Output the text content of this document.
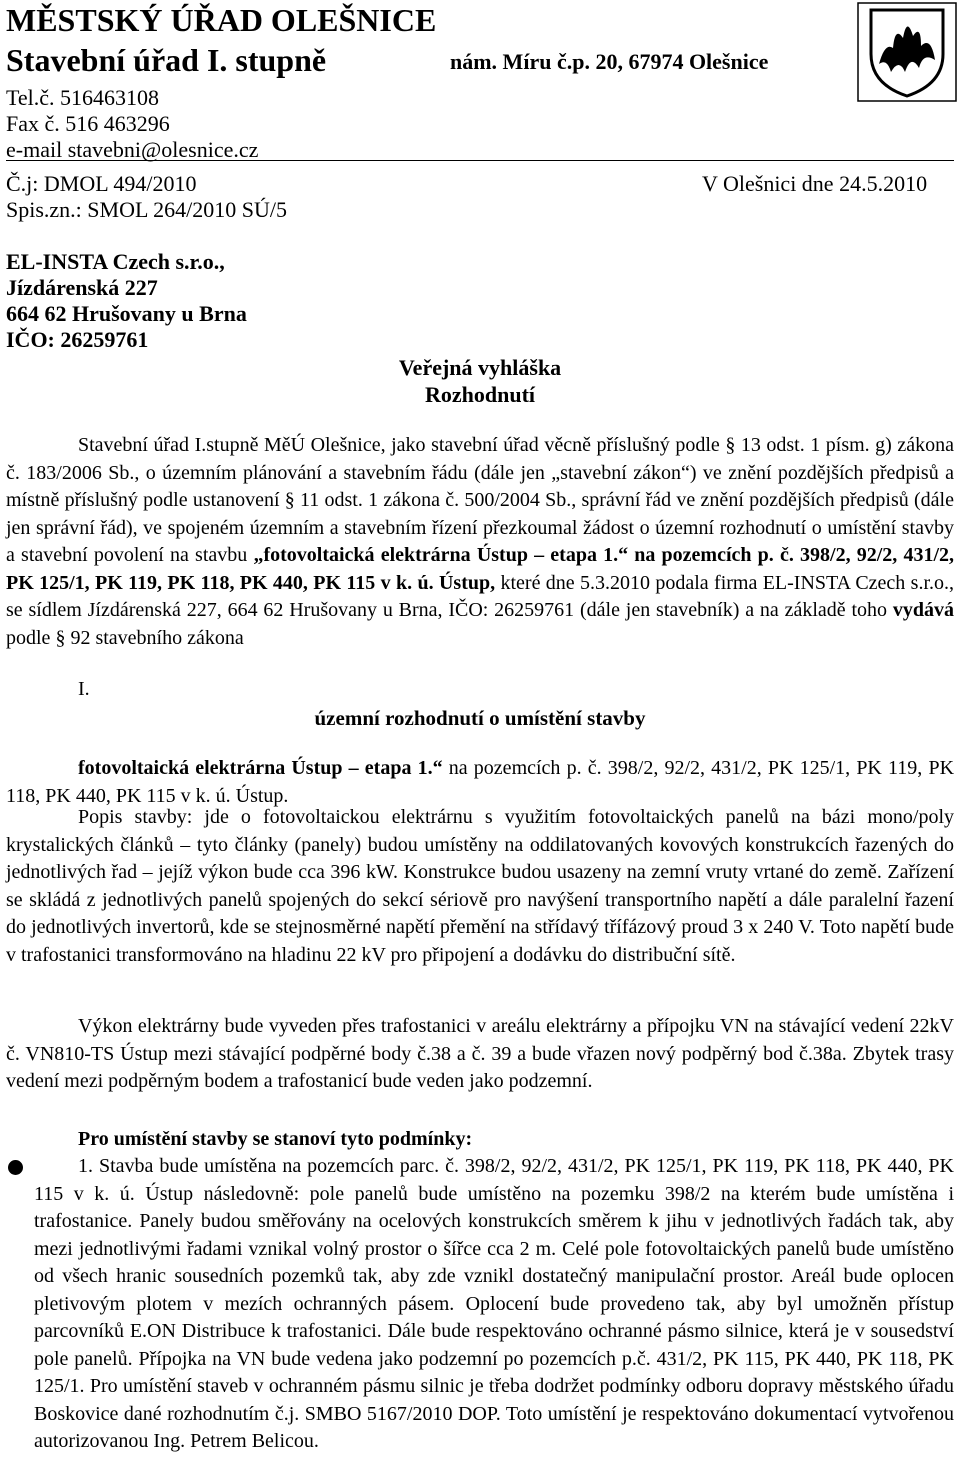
MĚSTSKÝ ÚŘAD OLEŠNICE
Stavební úřad I. stupně	nám. Míru č.p. 20, 67974 Olešnice
Tel.č. 516463108
Fax č. 516 463296
e-mail stavebni@olesnice.cz
Č.j: DMOL 494/2010	V Olešnici dne 24.5.2010
Spis.zn.: SMOL 264/2010 SÚ/5
EL-INSTA Czech s.r.o.,
Jízdárenská 227
664 62 Hrušovany u Brna
IČO: 26259761
Veřejná vyhláška
Rozhodnutí
Stavební úřad I.stupně MěÚ Olešnice, jako stavební úřad věcně příslušný podle § 13 odst. 1 písm. g) zákona č. 183/2006 Sb., o územním plánování a stavebním řádu (dále jen „stavební zákon“) ve znění pozdějších předpisů a místně příslušný podle ustanovení § 11 odst. 1 zákona č. 500/2004 Sb., správní řád ve znění pozdějších předpisů (dále jen správní řád), ve spojeném územním a stavebním řízení přezkoumal žádost o územní rozhodnutí o umístění stavby a stavební povolení na stavbu „fotovoltaická elektrárna Ústup – etapa 1.“ na pozemcích p. č. 398/2, 92/2, 431/2, PK 125/1, PK 119, PK 118, PK 440, PK 115 v k. ú. Ústup, které dne 5.3.2010 podala firma EL-INSTA Czech s.r.o., se sídlem Jízdárenská 227, 664 62 Hrušovany u Brna, IČO: 26259761 (dále jen stavebník) a na základě toho vydává podle § 92 stavebního zákona
I.
územní rozhodnutí o umístění stavby
fotovoltaická elektrárna Ústup – etapa 1.“ na pozemcích p. č. 398/2, 92/2, 431/2, PK 125/1, PK 119, PK 118, PK 440, PK 115 v k. ú. Ústup.
Popis stavby: jde o fotovoltaickou elektrárnu s využitím fotovoltaických panelů na bázi mono/poly krystalických článků – tyto články (panely) budou umístěny na oddilatovaných kovových konstrukcích řazených do jednotlivých řad – jejíž výkon bude cca 396 kW. Konstrukce budou usazeny na zemní vruty vrtané do země. Zařízení se skládá z jednotlivých panelů spojených do sekcí sériově pro navýšení transportního napětí a dále paralelní řazení do jednotlivých invertorů, kde se stejnosměrné napětí přemění na střídavý třífázový proud 3 x 240 V. Toto napětí bude v trafostanici transformováno na hladinu 22 kV pro připojení a dodávku do distribuční sítě.
Výkon elektrárny bude vyveden přes trafostanici v areálu elektrárny a přípojku VN na stávající vedení 22kV č. VN810-TS Ústup mezi stávající podpěrné body č.38 a č. 39 a bude vřazen nový podpěrný bod č.38a. Zbytek trasy vedení mezi podpěrným bodem a trafostanicí bude veden jako podzemní.
Pro umístění stavby se stanoví tyto podmínky:
1. Stavba bude umístěna na pozemcích parc. č. 398/2, 92/2, 431/2, PK 125/1, PK 119, PK 118, PK 440, PK 115 v k. ú. Ústup následovně: pole panelů bude umístěno na pozemku 398/2 na kterém bude umístěna i trafostanice. Panely budou směřovány na ocelových konstrukcích směrem k jihu v jednotlivých řadách tak, aby mezi jednotlivými řadami vznikal volný prostor o šířce cca 2 m. Celé pole fotovoltaických panelů bude umístěno od všech hranic sousedních pozemků tak, aby zde vznikl dostatečný manipulační prostor. Areál bude oplocen pletivovým plotem v mezích ochranných pásem. Oplocení bude provedeno tak, aby byl umožněn přístup parcovníků E.ON Distribuce k trafostanici. Dále bude respektováno ochranné pásmo silnice, která je v sousedství pole panelů. Přípojka na VN bude vedena jako podzemní po pozemcích p.č. 431/2, PK 115, PK 440, PK 118, PK 125/1. Pro umístění staveb v ochranném pásmu silnic je třeba dodržet podmínky odboru dopravy městského úřadu Boskovice dané rozhodnutím č.j. SMBO 5167/2010 DOP. Toto umístění je respektováno dokumentací vytvořenou autorizovanou Ing. Petrem Belicou.
